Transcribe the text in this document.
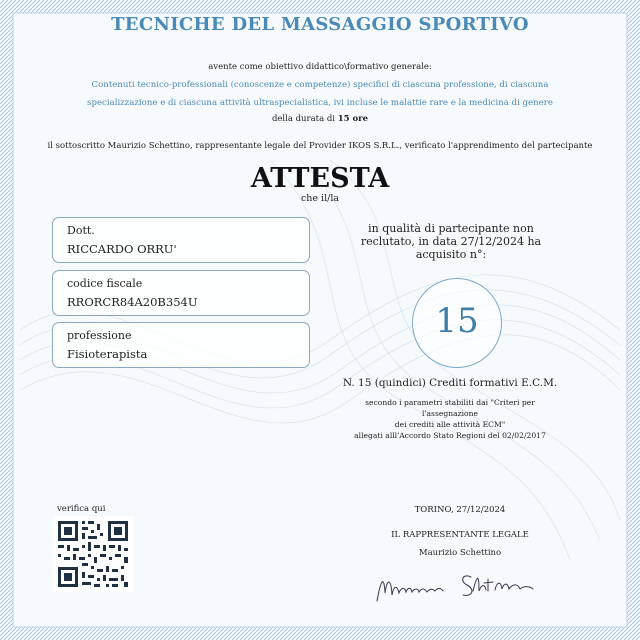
TECNICHE DEL MASSAGGIO SPORTIVO
avente come obiettivo didattico\formativo generale:
Contenuti tecnico-professionali (conoscenze e competenze) specifici di ciascuna professione, di ciascuna
specializzazione e di ciascuna attività ultraspecialistica, ivi incluse le malattie rare e la medicina di genere
della durata di 15 ore
il sottoscritto Maurizio Schettino, rappresentante legale del Provider IKOS S.R.L., verificato l'apprendimento del partecipante
ATTESTA
che il/la
Dott.
RICCARDO ORRU'
codice fiscale
RRORCR84A20B354U
professione
Fisioterapista
in qualità di partecipante non
reclutato, in data 27/12/2024 ha
acquisito n°:
15
N. 15 (quindici) Crediti formativi E.C.M.
secondo i parametri stabiliti dai "Criteri per
l'assegnazione
dei crediti alle attività ECM"
allegati alll'Accordo Stato Regioni del 02/02/2017
verifica qui	TORINO, 27/12/2024
IL RAPPRESENTANTE LEGALE
Maurizio Schettino
